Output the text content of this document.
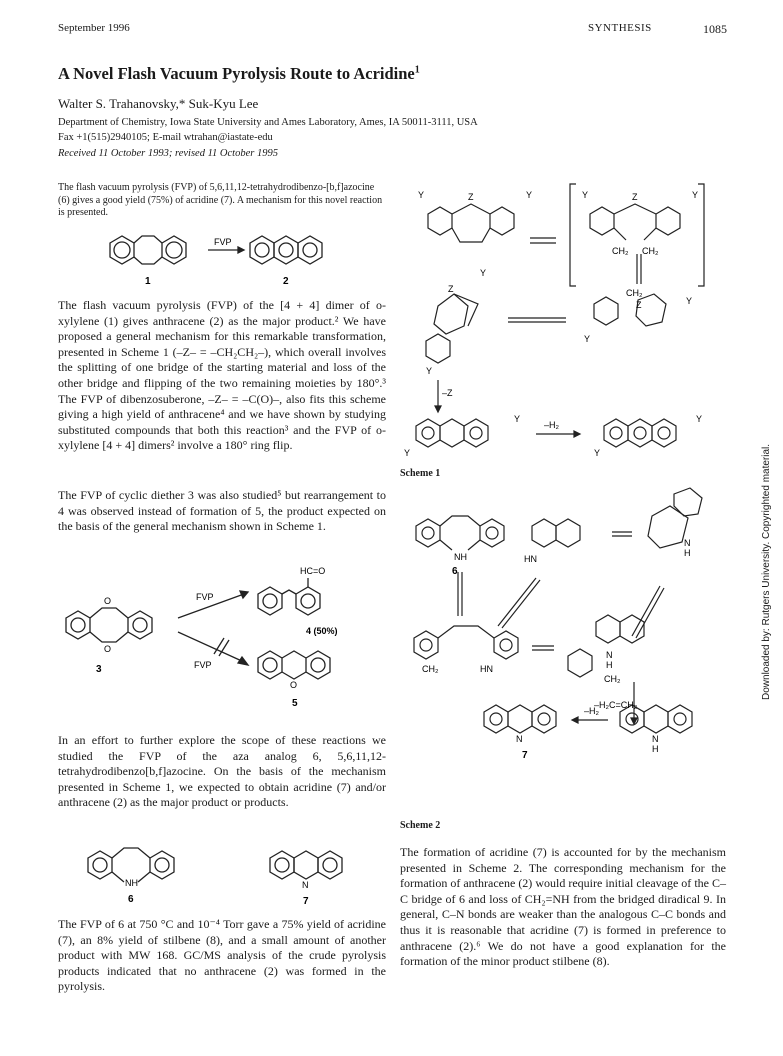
September 1996	SYNTHESIS	1085
A Novel Flash Vacuum Pyrolysis Route to Acridine$^1$
Walter S. Trahanovsky,* Suk-Kyu Lee
Department of Chemistry, Iowa State University and Ames Laboratory, Ames, IA 50011-3111, USA
Fax +1(515)2940105; E-mail wtrahan@iastate-edu
Received 11 October 1993; revised 11 October 1995
The flash vacuum pyrolysis (FVP) of 5,6,11,12-tetrahydrodibenzo-[b,f]azocine (6) gives a good yield (75%) of acridine (7). A mechanism for this novel reaction is presented.
FVP
1	2
The flash vacuum pyrolysis (FVP) of the [4 + 4] dimer of o-xylylene (1) gives anthracene (2) as the major product.² We have proposed a general mechanism for this remarkable transformation, presented in Scheme 1 (–Z– = –CH₂CH₂–), which overall involves the splitting of one bridge of the starting material and loss of the other bridge and flipping of the two remaining moieties by 180°.³ The FVP of dibenzosuberone, –Z– = –C(O)–, also fits this scheme giving a high yield of anthracene⁴ and we have shown by studying substituted compounds that both this reaction³ and the FVP of o-xylylene [4 + 4] dimers² involve a 180° ring flip.
The FVP of cyclic diether 3 was also studied⁵ but rearrangement to 4 was observed instead of formation of 5, the product expected on the basis of the general mechanism shown in Scheme 1.
HC=O
O
O
O
FVP
FVP
4 (50%)
3
5
In an effort to further explore the scope of these reactions we studied the FVP of the aza analog 6, 5,6,11,12-tetrahydrodibenzo[b,f]azocine. On the basis of the mechanism presented in Scheme 1, we expected to obtain acridine (7) and/or anthracene (2) as the major product or products.
NH	N
6	7
The FVP of 6 at 750 °C and 10⁻⁴ Torr gave a 75% yield of acridine (7), an 8% yield of stilbene (8), and a small amount of another product with MW 168. GC/MS analysis of the crude pyrolysis products indicated that no anthracene (2) was formed in the pyrolysis.
Y	Y
Z	Y	Y
Z
CH₂ CH₂
Y
Z
Y
CH₂
Z	Y
Y
–Z
Y
Y
–H₂
Y
Y
Scheme 1
NH
6
HN
N
H
CH₂	HN
N
H
CH₂
–H₂C=CH₂
–H₂
N
7
N
H
Scheme 2
The formation of acridine (7) is accounted for by the mechanism presented in Scheme 2. The corresponding mechanism for the formation of anthracene (2) would require initial cleavage of the C–C bridge of 6 and loss of CH₂=NH from the bridged diradical 9. In general, C–N bonds are weaker than the analogous C–C bonds and thus it is reasonable that acridine (7) is formed in preference to anthracene (2).⁶ We do not have a good explanation for the formation of the minor product stilbene (8).
Downloaded by: Rutgers University. Copyrighted material.
